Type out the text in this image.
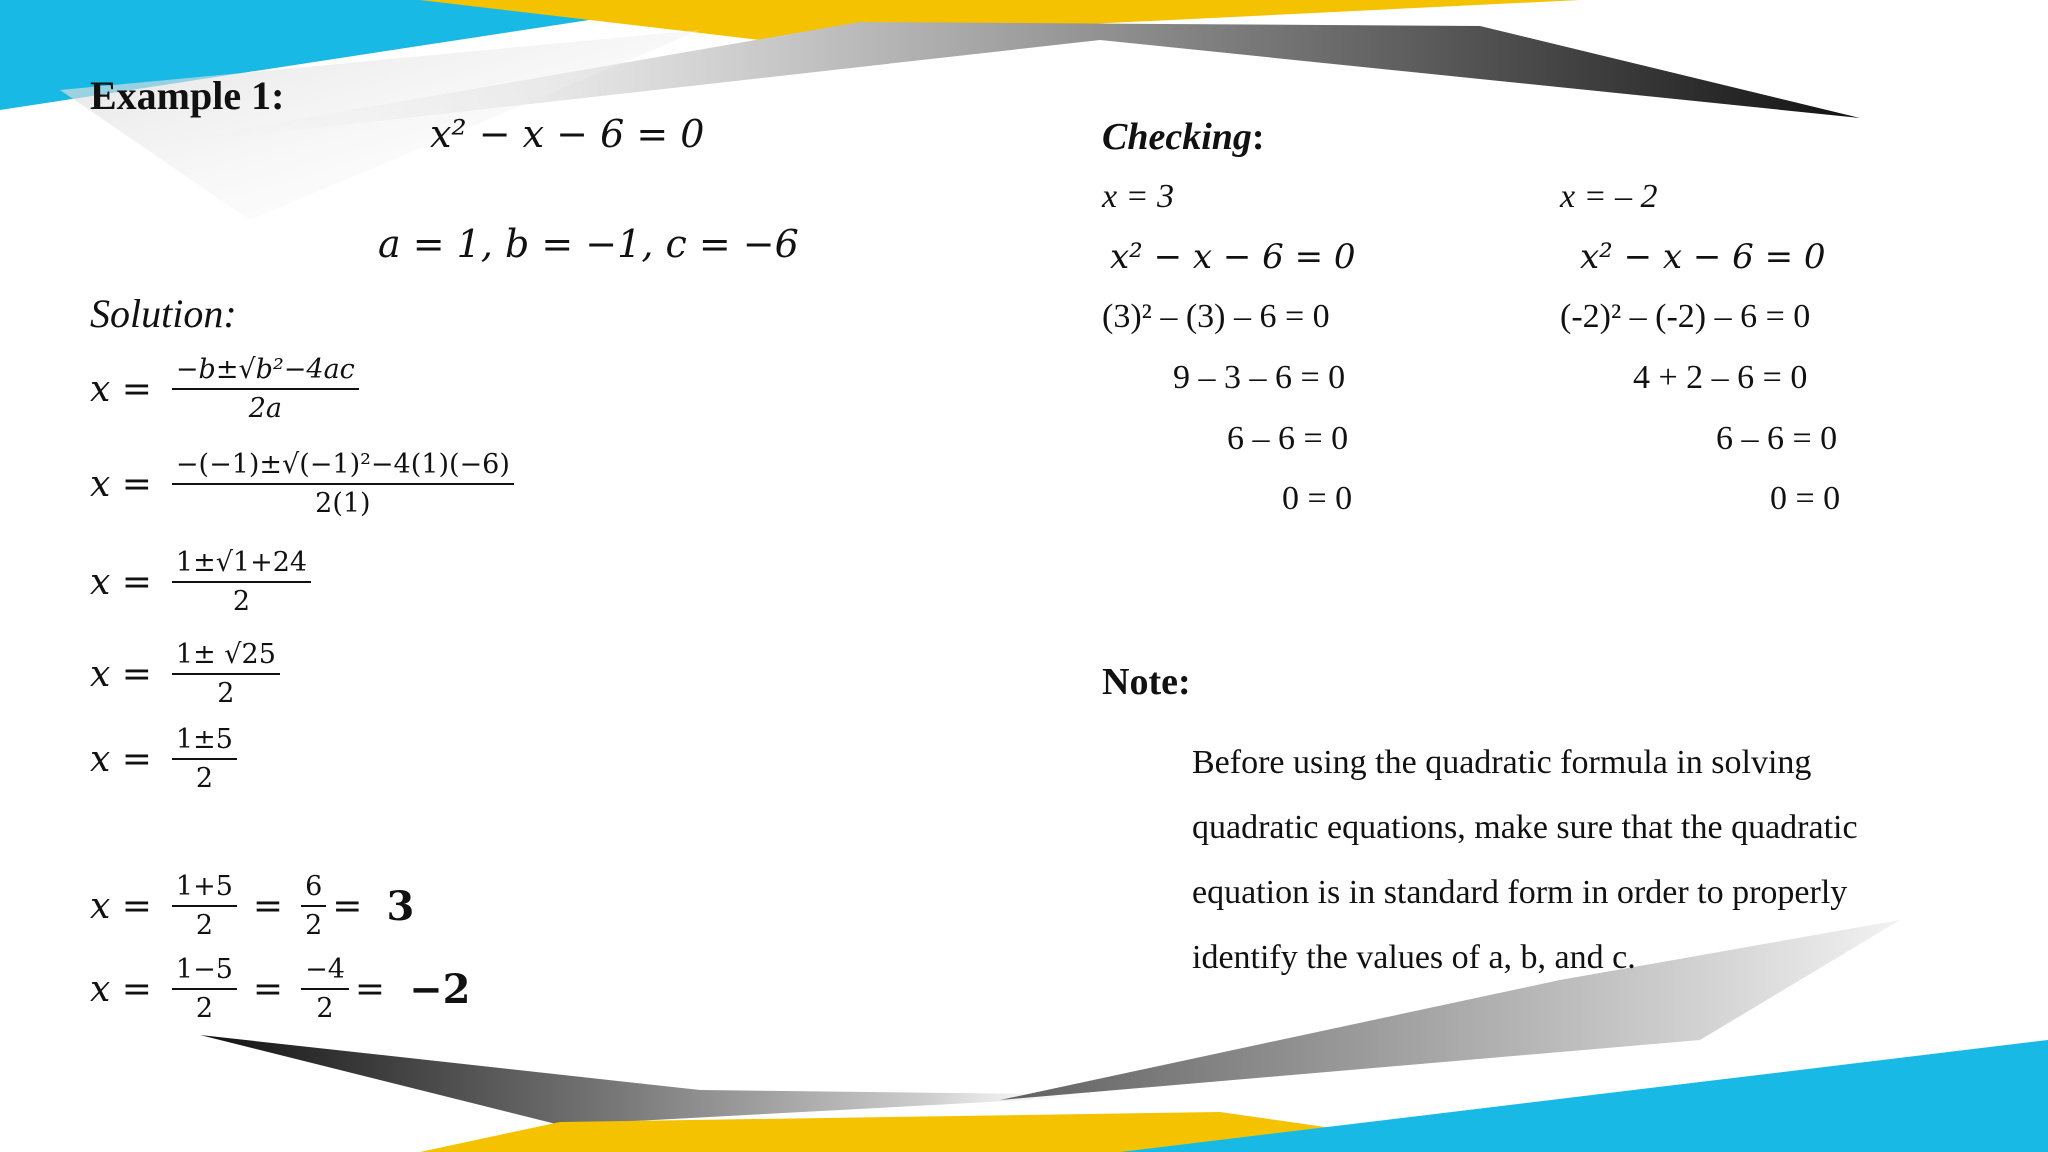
Example 1:
x² − x − 6 = 0
a = 1, b = −1, c = −6
Solution:
$x = \frac{\text{−b±√b²−4ac}}{2a}$
$x = \frac{\text{−(−1)±√(−1)²−4(1)(−6)}}{2(1)}$
$x = \frac{1\pm√1+24}{2}$
$x = \frac{1\pm √25}{2}$
$x = \frac{1\pm 5}{2}$
$x = \frac{1+5}{2} = \frac{6}{2} = 3$
$x = \frac{1-5}{2} = \frac{-4}{2} = -2$
Checking:
x = 3
x² − x − 6 = 0
(3)² – (3) – 6 = 0
9 – 3 – 6 = 0
6 – 6 = 0
0 = 0
x = – 2
x² − x − 6 = 0
(-2)² – (-2) – 6 = 0
4 + 2 – 6 = 0
6 – 6 = 0
0 = 0
Note:
Before using the quadratic formula in solving
quadratic equations, make sure that the quadratic
equation is in standard form in order to properly
identify the values of a, b, and c.
